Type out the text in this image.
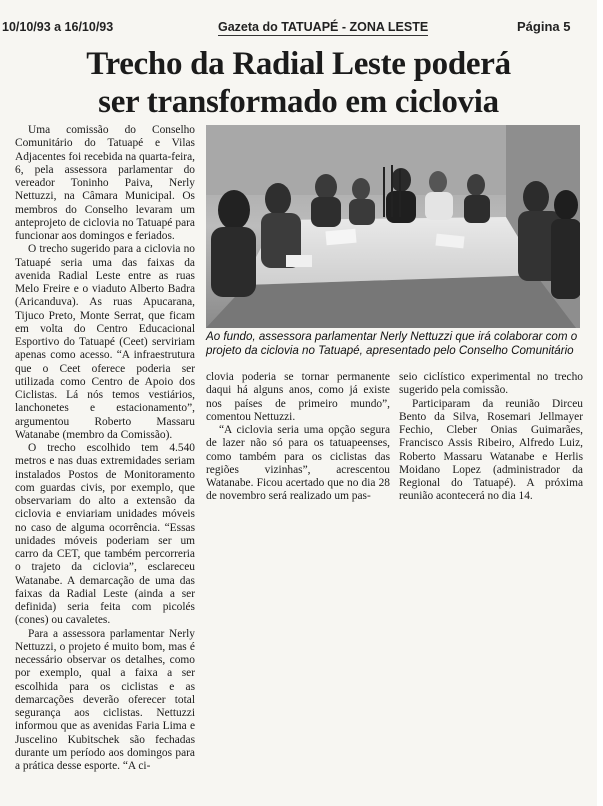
10/10/93 a 16/10/93	Gazeta do TATUAPÉ - ZONA LESTE	Página 5
Trecho da Radial Leste poderá
ser transformado em ciclovia

Uma comissão do Conselho Comunitário do Tatuapé e Vilas Adjacentes foi recebida na quarta-feira, 6, pela assessora parlamentar do vereador Toninho Paiva, Nerly Nettuzzi, na Câmara Municipal. Os membros do Conselho levaram um anteprojeto de ciclovia no Tatuapé para funcionar aos domingos e feriados.

O trecho sugerido para a ciclovia no Tatuapé seria uma das faixas da avenida Radial Leste entre as ruas Melo Freire e o viaduto Alberto Badra (Aricanduva). As ruas Apucarana, Tijuco Preto, Monte Serrat, que ficam em volta do Centro Educacional Esportivo do Tatuapé (Ceet) serviriam apenas como acesso. “A infraestrutura que o Ceet oferece poderia ser utilizada como Centro de Apoio dos Ciclistas. Lá nós temos vestiários, lanchonetes e estacionamento”, argumentou Roberto Massaru Watanabe (membro da Comissão).

O trecho escolhido tem 4.540 metros e nas duas extremidades seriam instalados Postos de Monitoramento com guardas civis, por exemplo, que observariam do alto a extensão da ciclovia e enviariam unidades móveis no caso de alguma ocorrência. “Essas unidades móveis poderiam ser um carro da CET, que também percorreria o trajeto da ciclovia”, esclareceu Watanabe. A demarcação de uma das faixas da Radial Leste (ainda a ser definida) seria feita com picolés (cones) ou cavaletes.

Para a assessora parlamentar Nerly Nettuzzi, o projeto é muito bom, mas é necessário observar os detalhes, como por exemplo, qual a faixa a ser escolhida para os ciclistas e as demarcações deverão oferecer total segurança aos ciclistas. Nettuzzi informou que as avenidas Faria Lima e Juscelino Kubitschek são fechadas durante um período aos domingos para a prática desse esporte. “A ci-

Ao fundo, assessora parlamentar Nerly Nettuzzi que irá colaborar com o projeto da ciclovia no Tatuapé, apresentado pelo Conselho Comunitário

clovia poderia se tornar permanente daqui há alguns anos, como já existe nos países de primeiro mundo”, comentou Nettuzzi.

“A ciclovia seria uma opção segura de lazer não só para os tatuapeenses, como também para os ciclistas das regiões vizinhas”, acrescentou Watanabe. Ficou acertado que no dia 28 de novembro será realizado um pas-

seio ciclístico experimental no trecho sugerido pela comissão.

Participaram da reunião Dirceu Bento da Silva, Rosemari Jellmayer Fechio, Cleber Onias Guimarães, Francisco Assis Ribeiro, Alfredo Luiz, Roberto Massaru Watanabe e Herlis Moidano Lopez (administrador da Regional do Tatuapé). A próxima reunião acontecerá no dia 14.
